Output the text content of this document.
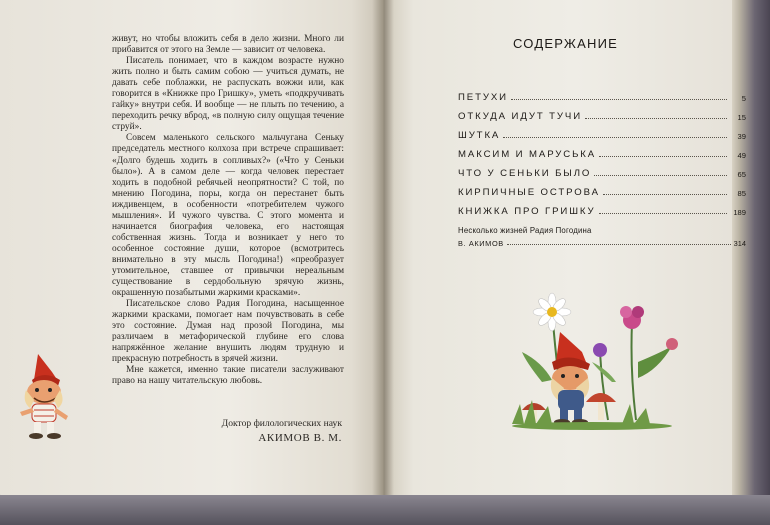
живут, но чтобы вложить себя в дело жизни. Много ли прибавится от этого на Земле — зависит от человека.

Писатель понимает, что в каждом возрасте нужно жить полно и быть самим собою — учиться думать, не давать себе поблажки, не распускать вожжи или, как говорится в «Книжке про Гришку», уметь «подкручивать гайку» внутри себя. И вообще — не плыть по течению, а переходить речку вброд, «в полную силу ощущая течение струй».

Совсем маленького сельского мальчугана Сеньку председатель местного колхоза при встрече спрашивает: «Долго будешь ходить в сопливых?» («Что у Сеньки было»). А в самом деле — когда человек перестает ходить в подобной ребячьей неопрятности? С той, по мнению Погодина, поры, когда он перестанет быть иждивенцем, в особенности «потребителем чужого мышления». И чужого чувства. С этого момента и начинается биография человека, его настоящая собственная жизнь. Тогда и возникает у него то особенное состояние души, которое (всмотритесь внимательно в эту мысль Погодина!) «преобразует утомительное, ставшее от привычки нереальным существование в сердобольную зрячую жизнь, окрашенную позабытыми жаркими красками».

Писательское слово Радия Погодина, насыщенное жаркими красками, помогает нам почувствовать в себе это состояние. Думая над прозой Погодина, мы различаем в метафорической глубине его слова напряжённое желание внушить людям трудную и прекрасную потребность в зрячей жизни.

Мне кажется, именно такие писатели заслуживают право на нашу читательскую любовь.

Доктор филологических наук
АКИМОВ В. М.
СОДЕРЖАНИЕ
ПЕТУХИ	5
ОТКУДА ИДУТ ТУЧИ	15
ШУТКА	39
МАКСИМ И МАРУСЬКА	49
ЧТО У СЕНЬКИ БЫЛО	65
КИРПИЧНЫЕ ОСТРОВА	85
КНИЖКА ПРО ГРИШКУ	189
Несколько жизней Радия Погодина
В. АКИМОВ	314
